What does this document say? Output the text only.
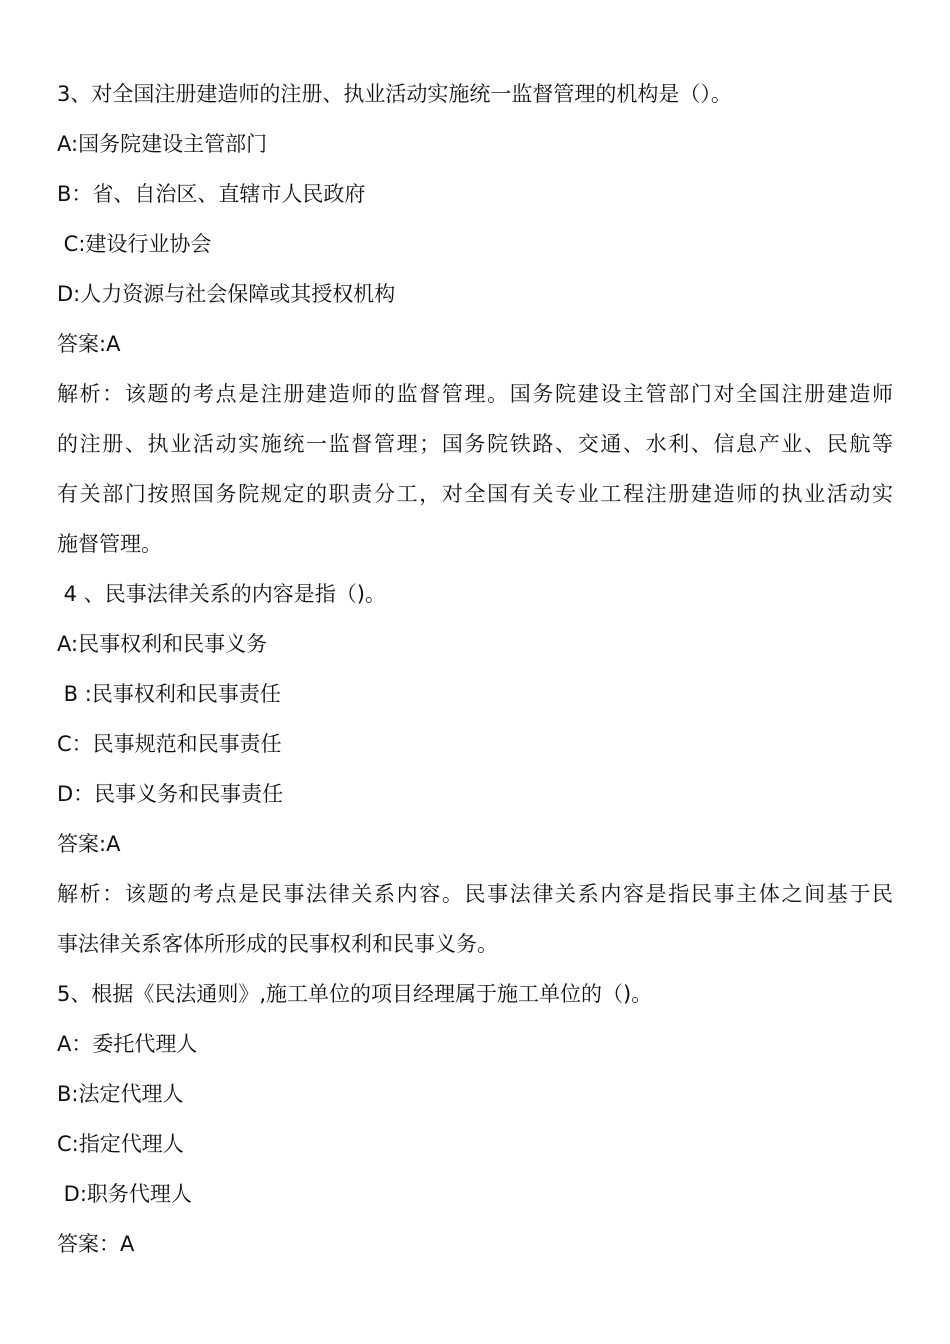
3、对全国注册建造师的注册、执业活动实施统一监督管理的机构是（）。
A:国务院建设主管部门
B：省、自治区、直辖市人民政府
C:建设行业协会
D:人力资源与社会保障或其授权机构
答案:A
解析：该题的考点是注册建造师的监督管理。国务院建设主管部门对全国注册建造师
的注册、执业活动实施统一监督管理；国务院铁路、交通、水利、信息产业、民航等
有关部门按照国务院规定的职责分工，对全国有关专业工程注册建造师的执业活动实
施督管理。
4 、民事法律关系的内容是指（)。
A:民事权利和民事义务
B :民事权利和民事责任
C：民事规范和民事责任
D：民事义务和民事责任
答案:A
解析：该题的考点是民事法律关系内容。民事法律关系内容是指民事主体之间基于民
事法律关系客体所形成的民事权利和民事义务。
5、根据《民法通则》,施工单位的项目经理属于施工单位的（)。
A：委托代理人
B:法定代理人
C:指定代理人
D:职务代理人
答案：A
